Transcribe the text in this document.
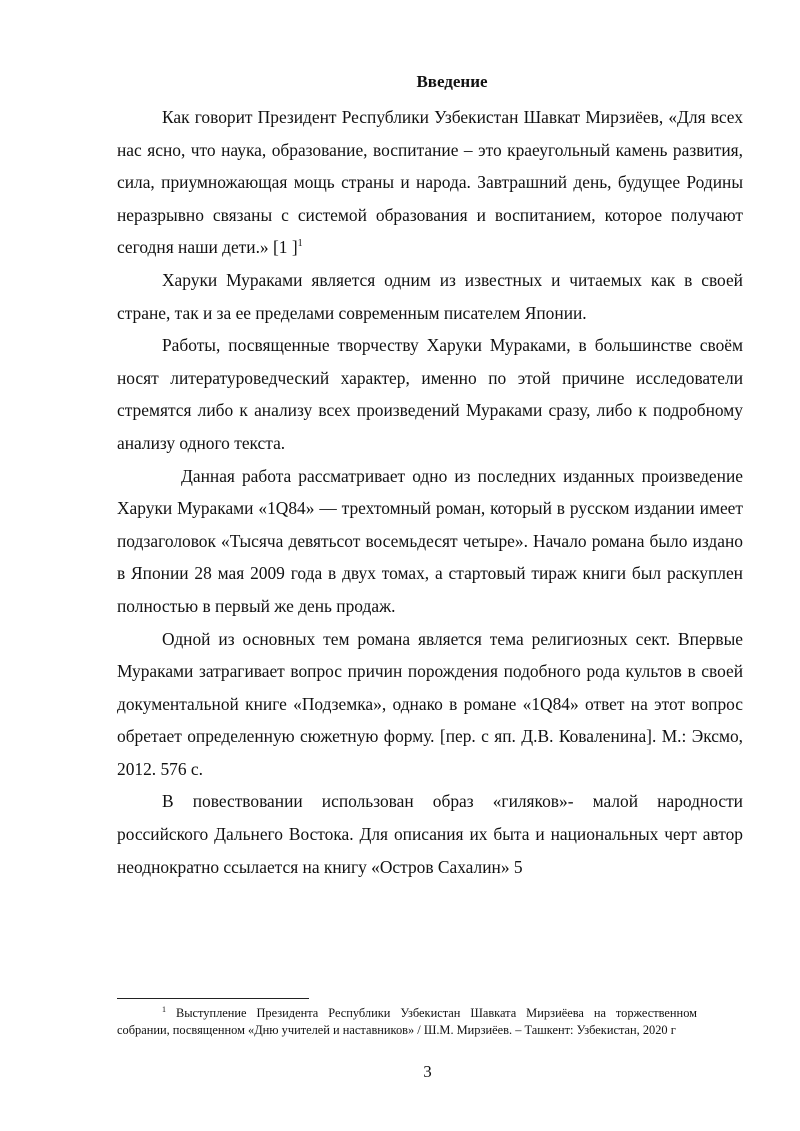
Введение

Как говорит Президент Республики Узбекистан Шавкат Мирзиёев, «Для всех нас ясно, что наука, образование, воспитание – это краеугольный камень развития, сила, приумножающая мощь страны и народа. Завтрашний день, будущее Родины неразрывно связаны с системой образования и воспитанием, которое получают сегодня наши дети.» [1 ]$^1$

Харуки Мураками является одним из известных и читаемых как в своей стране, так и за ее пределами современным писателем Японии.

Работы, посвященные творчеству Харуки Мураками, в большинстве своём носят литературоведческий характер, именно по этой причине исследователи стремятся либо к анализу всех произведений Мураками сразу, либо к подробному анализу одного текста.

Данная работа рассматривает одно из последних изданных произведение Харуки Мураками «1Q84» — трехтомный роман, который в русском издании имеет подзаголовок «Тысяча девятьсот восемьдесят четыре». Начало романа было издано в Японии 28 мая 2009 года в двух томах, а стартовый тираж книги был раскуплен полностью в первый же день продаж.

Одной из основных тем романа является тема религиозных сект. Впервые Мураками затрагивает вопрос причин порождения подобного рода культов в своей документальной книге «Подземка», однако в романе «1Q84» ответ на этот вопрос обретает определенную сюжетную форму. [пер. с яп. Д.В. Коваленина]. М.: Эксмо, 2012. 576 с.

В повествовании использован образ «гиляков»- малой народности российского Дальнего Востока. Для описания их быта и национальных черт автор неоднократно ссылается на книгу «Остров Сахалин» 5

$^1$ Выступление Президента Республики Узбекистан Шавката Мирзиёева на торжественном собрании, посвященном «Дню учителей и наставников» / Ш.М. Мирзиёев. – Ташкент: Узбекистан, 2020 г
3
